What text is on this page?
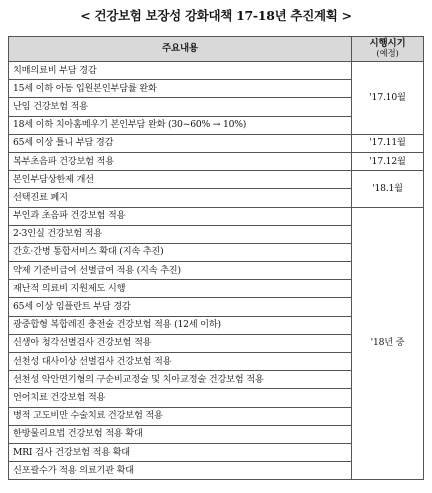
< 건강보험 보장성 강화대책 17-18년 추진계획 >
주요내용	시행시기
(예정)

치매의료비 부담 경감	'17.10월
15세 이하 아동 입원본인부담률 완화	
난임 건강보험 적용	
18세 이하 치아홈메우기 본인부담 완화 (30~60% → 10%)	
65세 이상 틀니 부담 경감	'17.11월
복부초음파 건강보험 적용	'17.12월
본인부담상한제 개선	'18.1월
선택진료 폐지	
부인과 초음파 건강보험 적용	'18년 중
2-3인실 건강보험 적용	
간호·간병 통합서비스 확대 (지속 추진)	
약제 기준비급여 선별급여 적용 (지속 추진)	
재난적 의료비 지원제도 시행	
65세 이상 임플란트 부담 경감	
광중합형 복합레진 충전술 건강보험 적용 (12세 이하)	
신생아 청각선별검사 건강보험 적용	
선천성 대사이상 선별검사 건강보험 적용	
선천성 악안면기형의 구순비교정술 및 치아교정술 건강보험 적용	
언어치료 건강보험 적용	
병적 고도비만 수술치료 건강보험 적용	
한방물리요법 건강보험 적용 확대	
MRI 검사 건강보험 적용 확대	
신포괄수가 적용 의료기관 확대	
